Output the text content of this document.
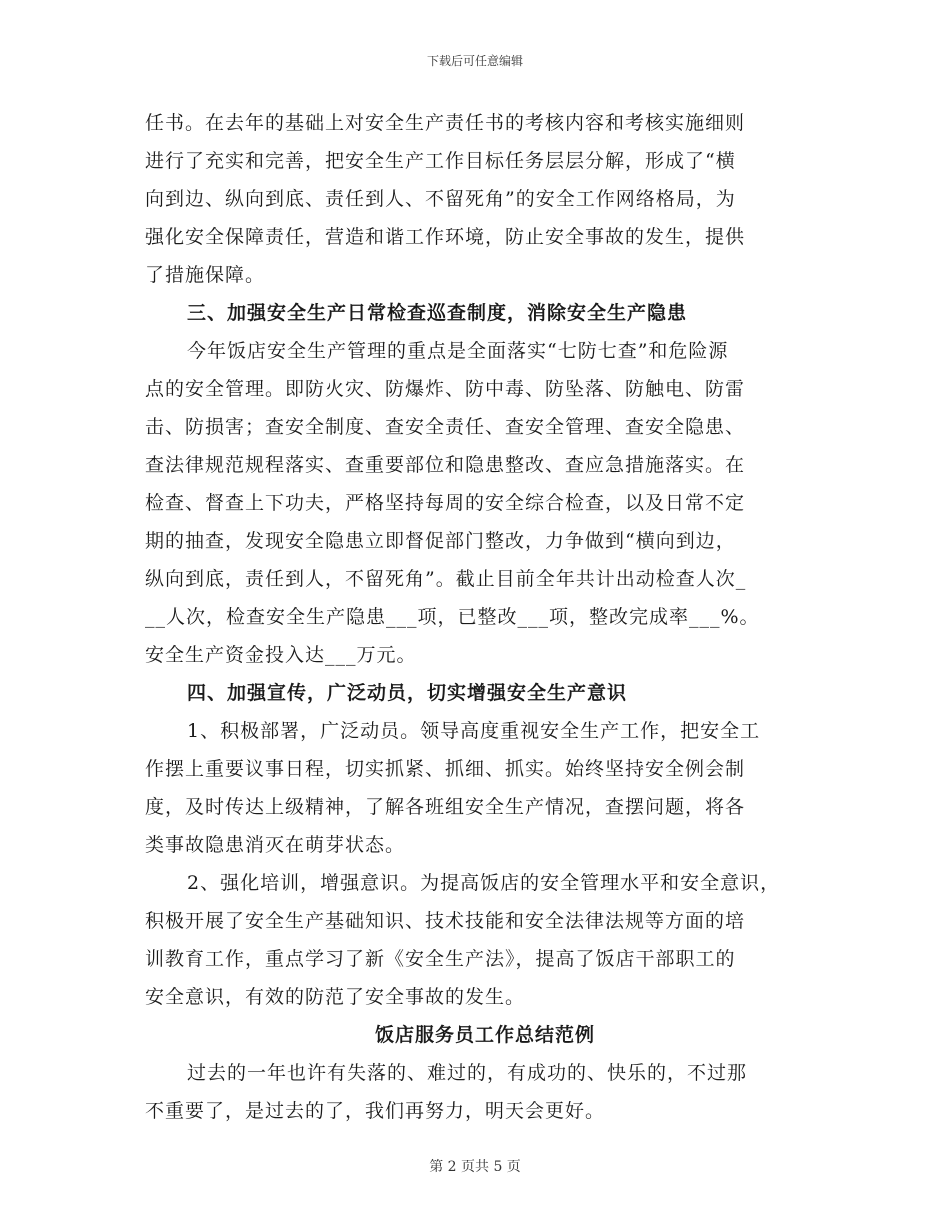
下载后可任意编辑

任书。在去年的基础上对安全生产责任书的考核内容和考核实施细则

进行了充实和完善，把安全生产工作目标任务层层分解，形成了“横

向到边、纵向到底、责任到人、不留死角”的安全工作网络格局，为

强化安全保障责任，营造和谐工作环境，防止安全事故的发生，提供

了措施保障。

三、加强安全生产日常检查巡查制度，消除安全生产隐患

今年饭店安全生产管理的重点是全面落实“七防七查”和危险源

点的安全管理。即防火灾、防爆炸、防中毒、防坠落、防触电、防雷

击、防损害；查安全制度、查安全责任、查安全管理、查安全隐患、

查法律规范规程落实、查重要部位和隐患整改、查应急措施落实。在

检查、督查上下功夫，严格坚持每周的安全综合检查，以及日常不定

期的抽查，发现安全隐患立即督促部门整改，力争做到“横向到边，

纵向到底，责任到人，不留死角”。截止目前全年共计出动检查人次_

__人次，检查安全生产隐患___项，已整改___项，整改完成率___%。

安全生产资金投入达___万元。

四、加强宣传，广泛动员，切实增强安全生产意识

1、积极部署，广泛动员。领导高度重视安全生产工作，把安全工

作摆上重要议事日程，切实抓紧、抓细、抓实。始终坚持安全例会制

度，及时传达上级精神，了解各班组安全生产情况，查摆问题，将各

类事故隐患消灭在萌芽状态。

2、强化培训，增强意识。为提高饭店的安全管理水平和安全意识，

积极开展了安全生产基础知识、技术技能和安全法律法规等方面的培

训教育工作，重点学习了新《安全生产法》，提高了饭店干部职工的

安全意识，有效的防范了安全事故的发生。

饭店服务员工作总结范例

过去的一年也许有失落的、难过的，有成功的、快乐的，不过那

不重要了，是过去的了，我们再努力，明天会更好。

第 2 页共 5 页
